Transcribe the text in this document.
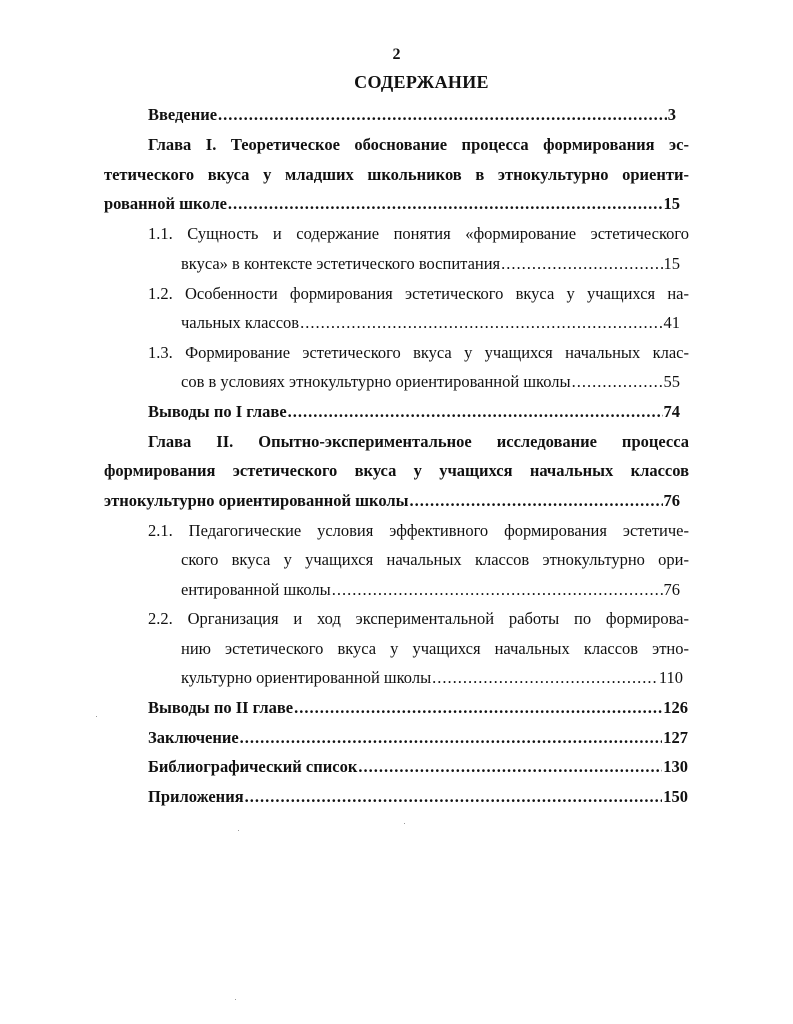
2
СОДЕРЖАНИЕ
Введение .....	3
Глава I. Теоретическое обоснование процесса формирования эс-
тетического вкуса у младших школьников в этнокультурно ориенти-
рованной школе .....	15
1.1. Сущность и содержание понятия «формирование эстетического
вкуса» в контексте эстетического воспитания .....	15
1.2. Особенности формирования эстетического вкуса у учащихся на-
чальных классов .....	41
1.3. Формирование эстетического вкуса у учащихся начальных клас-
сов в условиях этнокультурно ориентированной школы .....	55
Выводы по I главе .....	74
Глава II. Опытно-экспериментальное исследование процесса
формирования эстетического вкуса у учащихся начальных классов
этнокультурно ориентированной школы .....	76
2.1. Педагогические условия эффективного формирования эстетиче-
ского вкуса у учащихся начальных классов этнокультурно ори-
ентированной школы .....	76
2.2. Организация и ход экспериментальной работы по формирова-
нию эстетического вкуса у учащихся начальных классов этно-
культурно ориентированной школы .....	110
Выводы по II главе .....	126
Заключение .....	127
Библиографический список .....	130
Приложения .....	150
